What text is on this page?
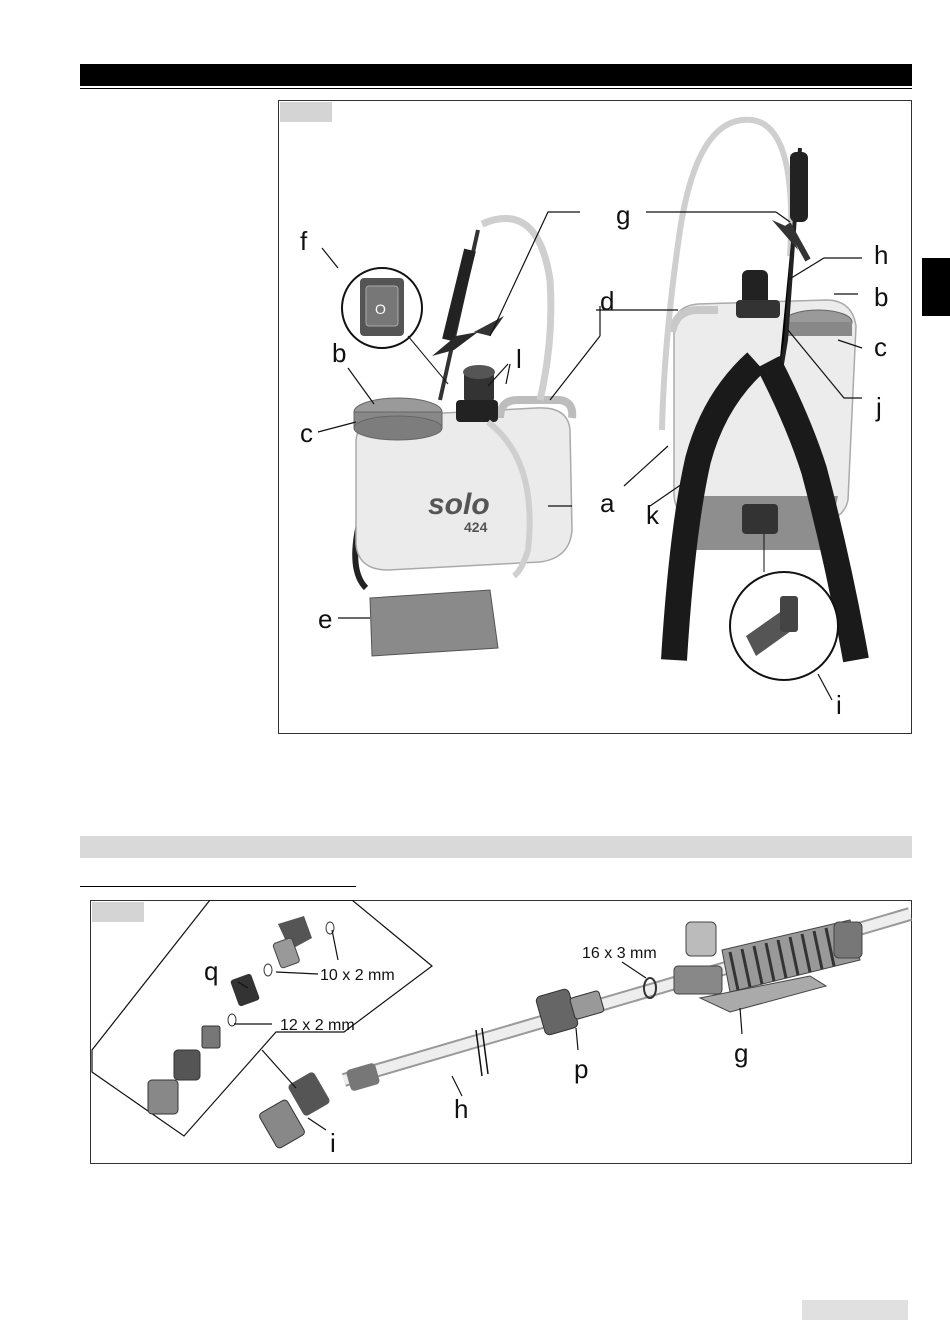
solo
424
O
f
b
c
l
d
e
g
h
b
c
j
a k
i
q
i
h
p
g
10 x 2 mm
12 x 2 mm
16 x 3 mm
